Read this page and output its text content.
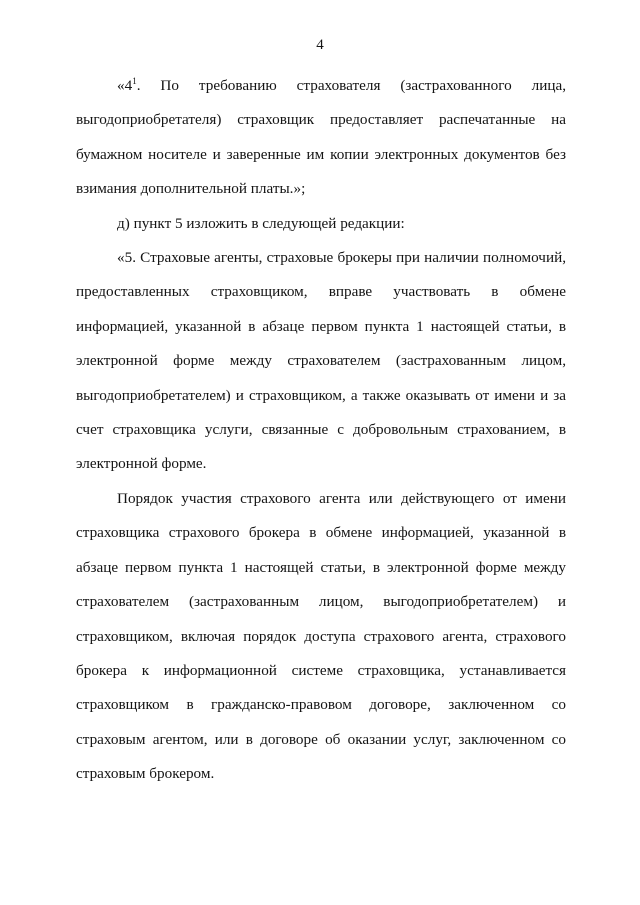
4

«$4^1$. По требованию страхователя (застрахованного лица, выгодоприобретателя) страховщик предоставляет распечатанные на бумажном носителе и заверенные им копии электронных документов без взимания дополнительной платы.»;

д) пункт 5 изложить в следующей редакции:

«5. Страховые агенты, страховые брокеры при наличии полномочий, предоставленных страховщиком, вправе участвовать в обмене информацией, указанной в абзаце первом пункта 1 настоящей статьи, в электронной форме между страхователем (застрахованным лицом, выгодоприобретателем) и страховщиком, а также оказывать от имени и за счет страховщика услуги, связанные с добровольным страхованием, в электронной форме.

Порядок участия страхового агента или действующего от имени страховщика страхового брокера в обмене информацией, указанной в абзаце первом пункта 1 настоящей статьи, в электронной форме между страхователем (застрахованным лицом, выгодоприобретателем) и страховщиком, включая порядок доступа страхового агента, страхового брокера к информационной системе страховщика, устанавливается страховщиком в гражданско-правовом договоре, заключенном со страховым агентом, или в договоре об оказании услуг, заключенном со страховым брокером.
